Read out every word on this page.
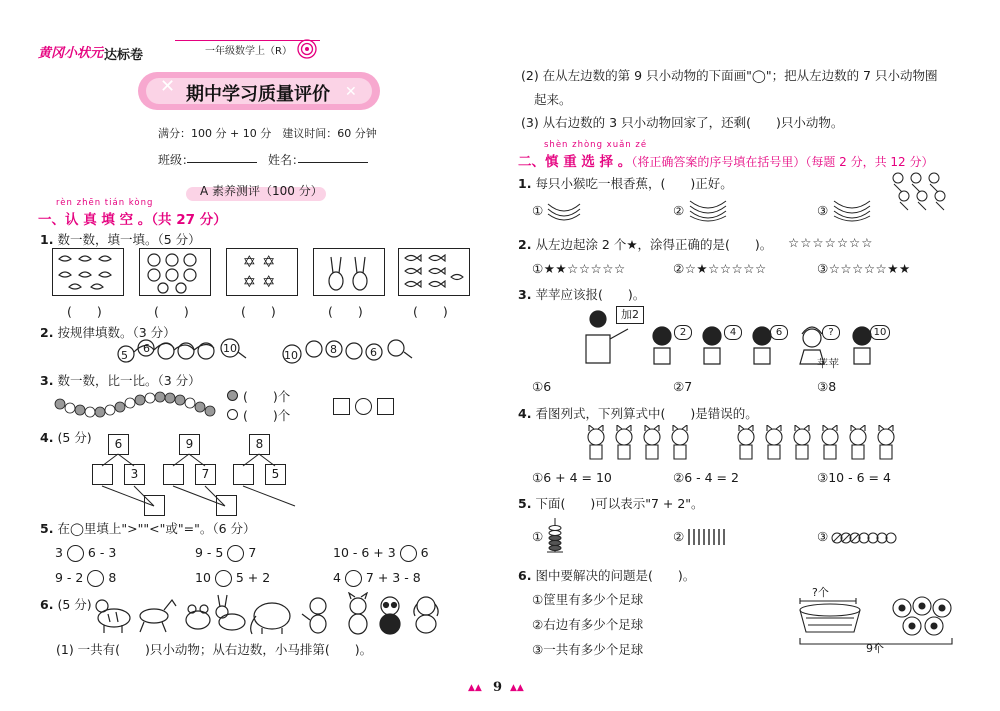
黄冈小状元 达标卷	一年级数学上（R）
✕	✕
期中学习质量评价
满分：100 分 + 10 分　建议时间：60 分钟
班级：	姓名：
A 素养测评（100 分）
rèn zhēn tián kòng
一、认 真 填 空 。（共 27 分）
1. 数一数，填一填。（5 分）
✡✡
✡✡
(　　)	(　　)	(　　)	(　　)	(　　)
2. 按规律填数。（3 分）
5
6	10
10	8	6
3. 数一数，比一比。（3 分）
(　　)个
(　　)个
4. (5 分)	6	9	8
3	7	5
5. 在◯里填上">""<"或"="。（6 分）
3 6 - 3	9 - 5 7	10 - 6 + 3 6
9 - 2 8	10 5 + 2	4 7 + 3 - 8
6. (5 分)
(1) 一共有(　　)只小动物；从右边数，小马排第(　　)。
(2) 在从左边数的第 9 只小动物的下面画"◯"；把从左边数的 7 只小动物圈
起来。
(3) 从右边数的 3 只小动物回家了，还剩(　　)只小动物。
shèn zhòng xuǎn zé
二、慎 重 选 择 。（将正确答案的序号填在括号里）（每题 2 分，共 12 分）
1. 每只小猴吃一根香蕉，(　　)正好。
①	②	③
2. 从左边起涂 2 个★，涂得正确的是(　　)。 ☆☆☆☆☆☆☆
①★★☆☆☆☆☆	②☆★☆☆☆☆☆	③☆☆☆☆☆★★
3. 苹苹应该报(　　)。
加2
2	4	6	?	10
苹苹
①6	②7	③8
4. 看图列式，下列算式中(　　)是错误的。
①6 + 4 = 10	②6 - 4 = 2	③10 - 6 = 4
5. 下面(　　)可以表示"7 + 2"。
①	②	③
6. 图中要解决的问题是(　　)。
①筐里有多少个足球
②右边有多少个足球
③一共有多少个足球
?个
9个
▲▲ 9 ▲▲
